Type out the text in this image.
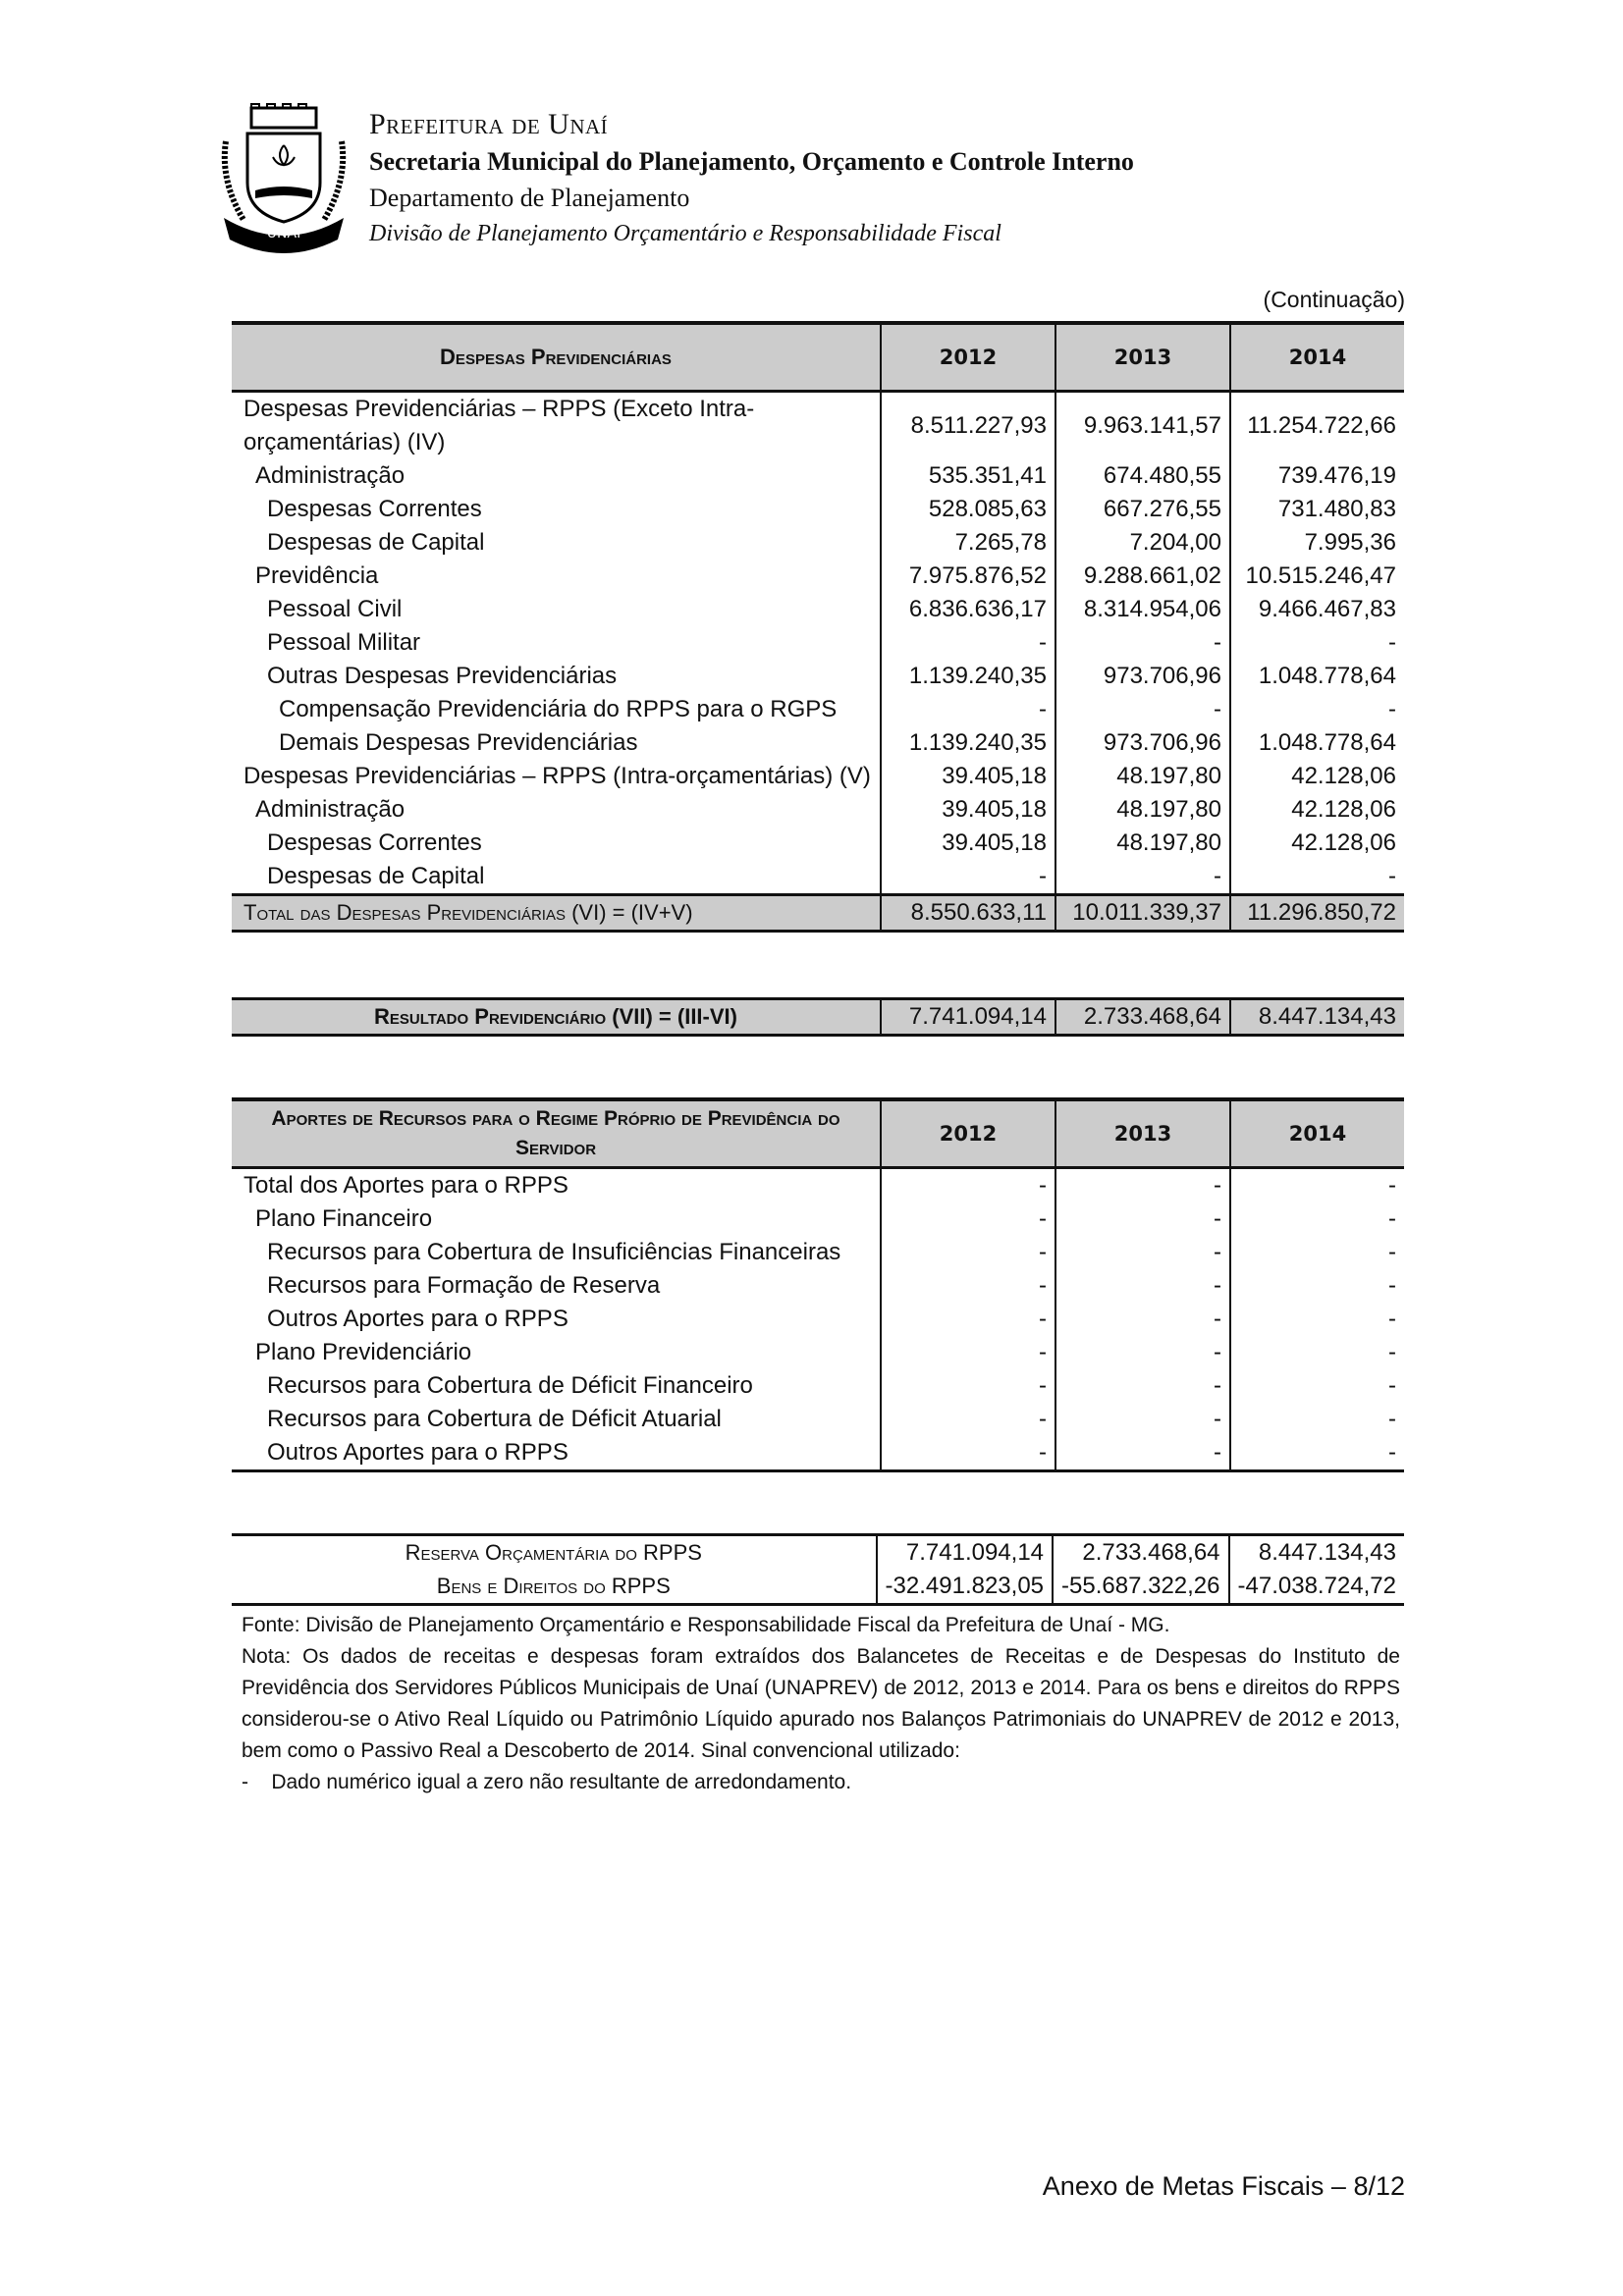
UNAÍ
Prefeitura de Unaí
Secretaria Municipal do Planejamento, Orçamento e Controle Interno
Departamento de Planejamento
Divisão de Planejamento Orçamentário e Responsabilidade Fiscal
(Continuação)
Despesas Previdenciárias	2012	2013	2014
Despesas Previdenciárias – RPPS (Exceto Intra-orçamentárias) (IV)	8.511.227,93	9.963.141,57	11.254.722,66
Administração	535.351,41	674.480,55	739.476,19
Despesas Correntes	528.085,63	667.276,55	731.480,83
Despesas de Capital	7.265,78	7.204,00	7.995,36
Previdência	7.975.876,52	9.288.661,02	10.515.246,47
Pessoal Civil	6.836.636,17	8.314.954,06	9.466.467,83
Pessoal Militar	-	-	-
Outras Despesas Previdenciárias	1.139.240,35	973.706,96	1.048.778,64
Compensação Previdenciária do RPPS para o RGPS	-	-	-
Demais Despesas Previdenciárias	1.139.240,35	973.706,96	1.048.778,64
Despesas Previdenciárias – RPPS (Intra-orçamentárias) (V)	39.405,18	48.197,80	42.128,06
Administração	39.405,18	48.197,80	42.128,06
Despesas Correntes	39.405,18	48.197,80	42.128,06
Despesas de Capital	-	-	-
Total das Despesas Previdenciárias (VI) = (IV+V)	8.550.633,11	10.011.339,37	11.296.850,72
Resultado Previdenciário (VII) = (III-VI)	7.741.094,14	2.733.468,64	8.447.134,43
Aportes de Recursos para o Regime Próprio de Previdência do Servidor	2012	2013	2014
Total dos Aportes para o RPPS	-	-	-
Plano Financeiro	-	-	-
Recursos para Cobertura de Insuficiências Financeiras	-	-	-
Recursos para Formação de Reserva	-	-	-
Outros Aportes para o RPPS	-	-	-
Plano Previdenciário	-	-	-
Recursos para Cobertura de Déficit Financeiro	-	-	-
Recursos para Cobertura de Déficit Atuarial	-	-	-
Outros Aportes para o RPPS	-	-	-
Reserva Orçamentária do RPPS	7.741.094,14	2.733.468,64	8.447.134,43
Bens e Direitos do RPPS	-32.491.823,05	-55.687.322,26	-47.038.724,72

Fonte: Divisão de Planejamento Orçamentário e Responsabilidade Fiscal da Prefeitura de Unaí - MG.

Nota: Os dados de receitas e despesas foram extraídos dos Balancetes de Receitas e de Despesas do Instituto de Previdência dos Servidores Públicos Municipais de Unaí (UNAPREV) de 2012, 2013 e 2014. Para os bens e direitos do RPPS considerou-se o Ativo Real Líquido ou Patrimônio Líquido apurado nos Balanços Patrimoniais do UNAPREV de 2012 e 2013, bem como o Passivo Real a Descoberto de 2014. Sinal convencional utilizado:

-    Dado numérico igual a zero não resultante de arredondamento.

Anexo de Metas Fiscais – 8/12
